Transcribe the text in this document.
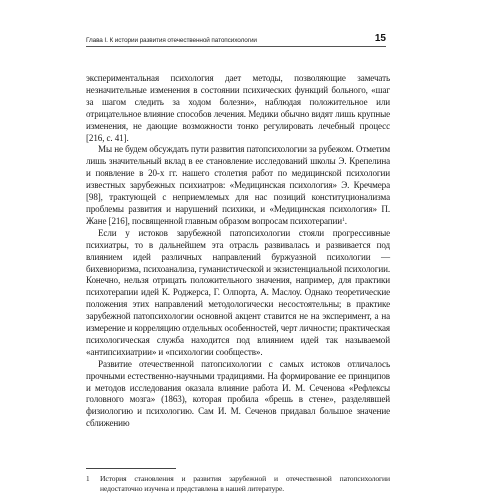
Глава I. К истории развития отечественной патопсихологии	15

экспериментальная психология дает методы, позволяющие замечать незначительные изменения в состоянии психических функций больного, «шаг за шагом следить за ходом болезни», наблюдая положительное или отрицательное влияние способов лечения. Медики обычно видят лишь крупные изменения, не дающие возможности тонко регулировать лечебный процесс [216, с. 41].

Мы не будем обсуждать пути развития патопсихологии за рубежом. Отметим лишь значительный вклад в ее становление исследований школы Э. Крепелина и появление в 20-х гг. нашего столетия работ по медицинской психологии известных зарубежных психиатров: «Медицинская психология» Э. Кречмера [98], трактующей с неприемлемых для нас позиций конституционализма проблемы развития и нарушений психики, и «Медицинская психология» П. Жане [216], посвященной главным образом вопросам психотерапии$^1$.

Если у истоков зарубежной патопсихологии стояли прогрессивные психиатры, то в дальнейшем эта отрасль развивалась и развивается под влиянием идей различных направлений буржуазной психологии — бихевиоризма, психоанализа, гуманистической и экзистенциальной психологии. Конечно, нельзя отрицать положительного значения, например, для практики психотерапии идей К. Роджерса, Г. Олпорта, А. Маслоу. Однако теоретические положения этих направлений методологически несостоятельны; в практике зарубежной патопсихологии основной акцент ставится не на эксперимент, а на измерение и корреляцию отдельных особенностей, черт личности; практическая психологическая служба находится под влиянием идей так называемой «антипсихиатрии» и «психологии сообществ».

Развитие отечественной патопсихологии с самых истоков отличалось прочными естественно-научными традициями. На формирование ее принципов и методов исследования оказала влияние работа И. М. Сеченова «Рефлексы головного мозга» (1863), которая пробила «брешь в стене», разделявшей физиологию и психологию. Сам И. М. Сеченов придавал большое значение сближению

1	История становления и развития зарубежной и отечественной патопсихологии недостаточно изучена и представлена в нашей литературе.
